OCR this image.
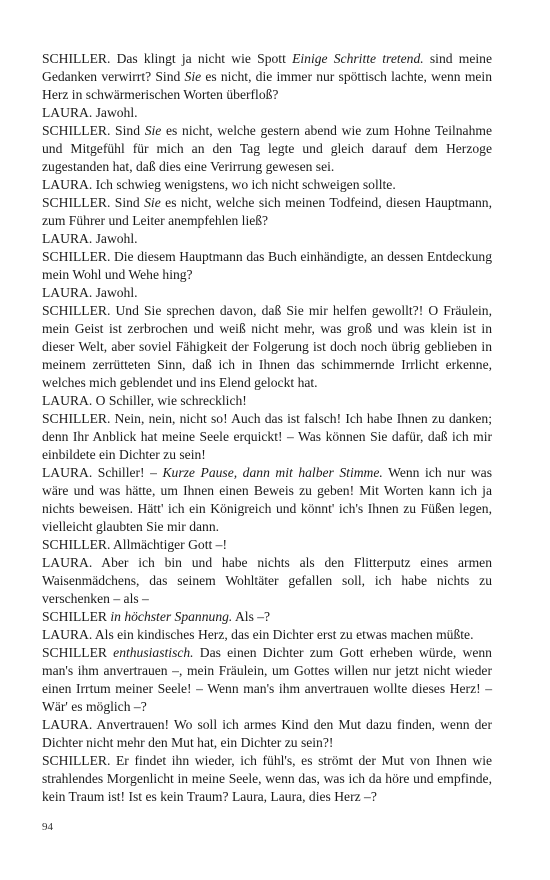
SCHILLER. Das klingt ja nicht wie Spott Einige Schritte tretend. sind meine Gedanken verwirrt? Sind Sie es nicht, die immer nur spöttisch lachte, wenn mein Herz in schwärmerischen Worten überfloß?

LAURA. Jawohl.

SCHILLER. Sind Sie es nicht, welche gestern abend wie zum Hohne Teilnahme und Mitgefühl für mich an den Tag legte und gleich darauf dem Herzoge zugestanden hat, daß dies eine Verirrung gewesen sei.

LAURA. Ich schwieg wenigstens, wo ich nicht schweigen sollte.

SCHILLER. Sind Sie es nicht, welche sich meinen Todfeind, diesen Hauptmann, zum Führer und Leiter anempfehlen ließ?

LAURA. Jawohl.

SCHILLER. Die diesem Hauptmann das Buch einhändigte, an dessen Entdeckung mein Wohl und Wehe hing?

LAURA. Jawohl.

SCHILLER. Und Sie sprechen davon, daß Sie mir helfen gewollt?! O Fräulein, mein Geist ist zerbrochen und weiß nicht mehr, was groß und was klein ist in dieser Welt, aber soviel Fähigkeit der Folgerung ist doch noch übrig geblieben in meinem zerrütteten Sinn, daß ich in Ihnen das schimmernde Irrlicht erkenne, welches mich geblendet und ins Elend gelockt hat.

LAURA. O Schiller, wie schrecklich!

SCHILLER. Nein, nein, nicht so! Auch das ist falsch! Ich habe Ihnen zu danken; denn Ihr Anblick hat meine Seele erquickt! – Was können Sie dafür, daß ich mir einbildete ein Dichter zu sein!

LAURA. Schiller! – Kurze Pause, dann mit halber Stimme. Wenn ich nur was wäre und was hätte, um Ihnen einen Beweis zu geben! Mit Worten kann ich ja nichts beweisen. Hätt' ich ein Königreich und könnt' ich's Ihnen zu Füßen legen, vielleicht glaubten Sie mir dann.

SCHILLER. Allmächtiger Gott –!

LAURA. Aber ich bin und habe nichts als den Flitterputz eines armen Waisenmädchens, das seinem Wohltäter gefallen soll, ich habe nichts zu verschenken – als –

SCHILLER in höchster Spannung. Als –?

LAURA. Als ein kindisches Herz, das ein Dichter erst zu etwas machen müßte.

SCHILLER enthusiastisch. Das einen Dichter zum Gott erheben würde, wenn man's ihm anvertrauen –, mein Fräulein, um Gottes willen nur jetzt nicht wieder einen Irrtum meiner Seele! – Wenn man's ihm anvertrauen wollte dieses Herz! – Wär' es möglich –?

LAURA. Anvertrauen! Wo soll ich armes Kind den Mut dazu finden, wenn der Dichter nicht mehr den Mut hat, ein Dichter zu sein?!

SCHILLER. Er findet ihn wieder, ich fühl's, es strömt der Mut von Ihnen wie strahlendes Morgenlicht in meine Seele, wenn das, was ich da höre und empfinde, kein Traum ist! Ist es kein Traum? Laura, Laura, dies Herz –?

94
